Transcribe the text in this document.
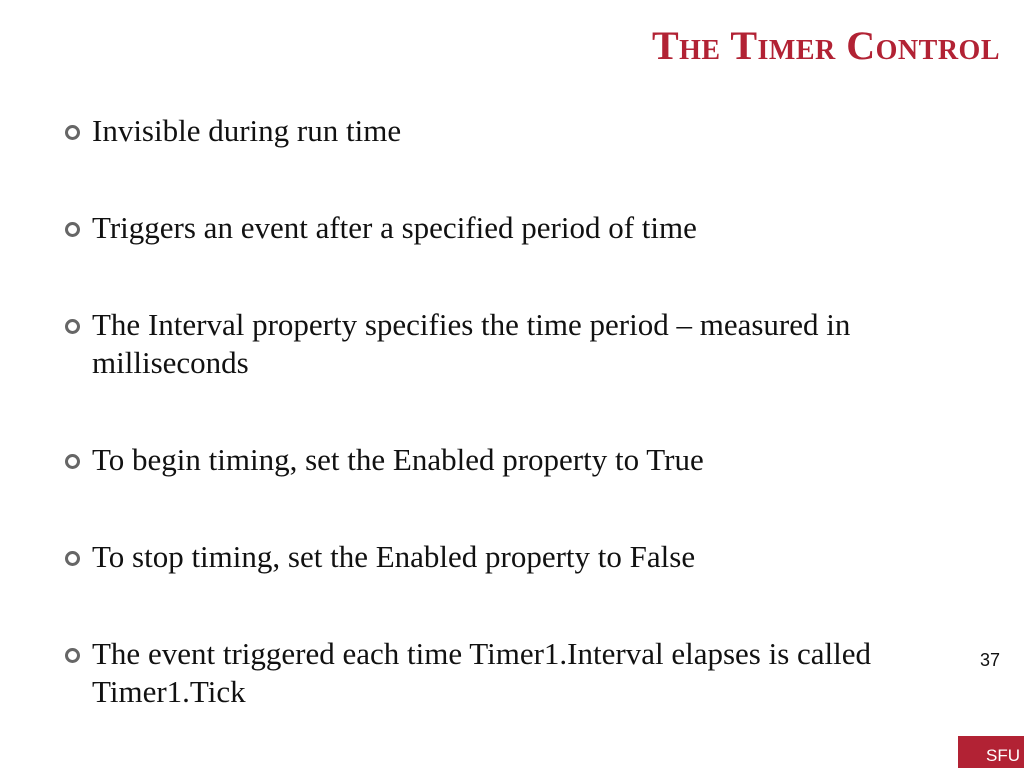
The Timer Control
Invisible during run time
Triggers an event after a specified period of time
The Interval property specifies the time period – measured in milliseconds
To begin timing, set the Enabled property to True
To stop timing, set the Enabled property to False
The event triggered each time Timer1.Interval elapses is called Timer1.Tick
37
SFU
